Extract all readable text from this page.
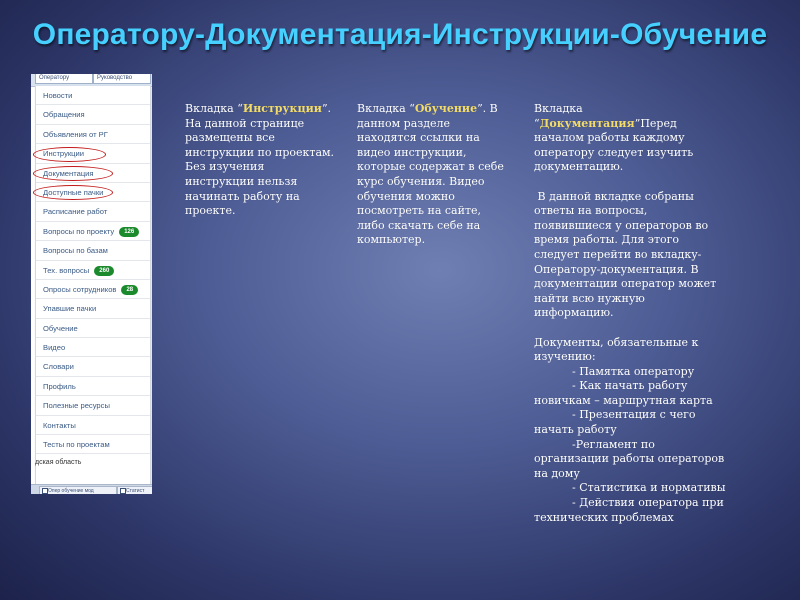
Оператору-Документация-Инструкции-Обучение
Оператору	Руководство
Новости
Обращения
Объявления от РГ
Инструкции
Документация
Доступные пачки
Расписание работ
Вопросы по проекту 126
Вопросы по базам
Тех. вопросы 260
Опросы сотрудников 28
Упавшие пачки
Обучение
Видео
Словари
Профиль
Полезные ресурсы
Контакты
Тесты по проектам
дская область
Опер обучение мод	Статист
Вкладка “Инструкции”. На данной странице размещены все инструкции по проектам. Без изучения инструкции нельзя начинать работу на проекте.
Вкладка “Обучение”. В данном разделе находятся ссылки на видео инструкции, которые содержат в себе курс обучения. Видео обучения можно посмотреть на сайте, либо скачать себе на компьютер.

Вкладка “Документация”Перед началом работы каждому оператору следует изучить документацию.

В данной вкладке собраны ответы на вопросы, появившиеся у операторов во время работы. Для этого следует перейти во вкладку- Оператору-документация. В документации оператор может найти всю нужную информацию.

Документы, обязательные к изучению:

- Памятка оператору

- Как начать работу новичкам – маршрутная карта

- Презентация с чего начать работу

-Регламент по организации работы операторов на дому

- Статистика и нормативы

- Действия оператора при технических проблемах
